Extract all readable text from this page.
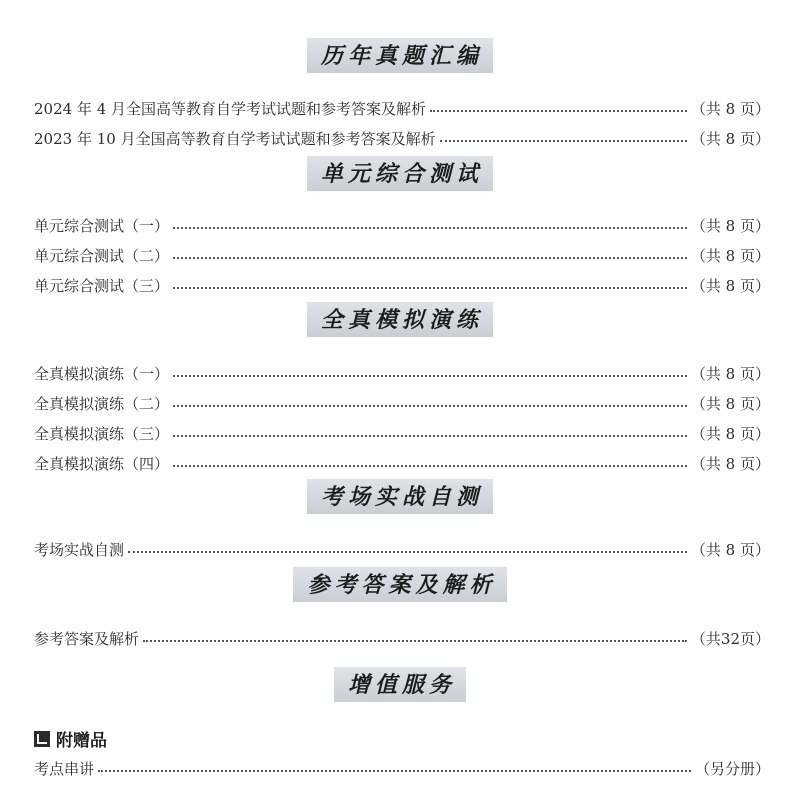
历年真题汇编
单元综合测试
全真模拟演练
考场实战自测
参考答案及解析
增值服务
2024 年 4 月全国高等教育自学考试试题和参考答案及解析	（共 8 页）
2023 年 10 月全国高等教育自学考试试题和参考答案及解析	（共 8 页）
单元综合测试（一）	（共 8 页）
单元综合测试（二）	（共 8 页）
单元综合测试（三）	（共 8 页）
全真模拟演练（一）	（共 8 页）
全真模拟演练（二）	（共 8 页）
全真模拟演练（三）	（共 8 页）
全真模拟演练（四）	（共 8 页）
考场实战自测	（共 8 页）
参考答案及解析	（共32页）
附赠品
考点串讲	（另分册）
